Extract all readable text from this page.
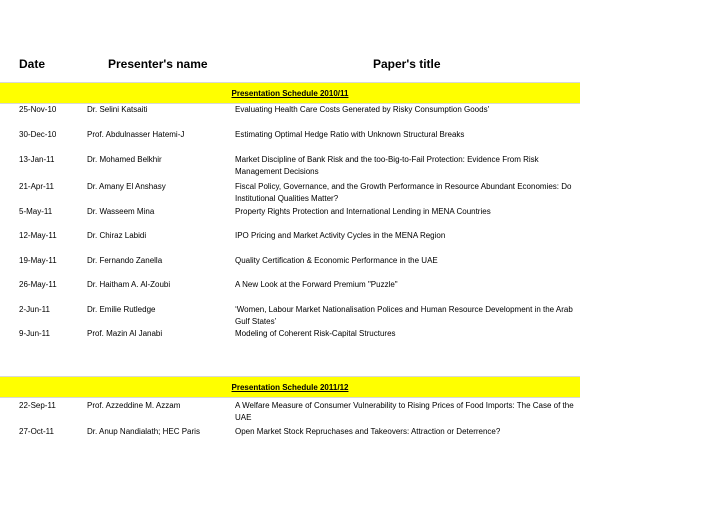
Date	Presenter's name	Paper's title
Presentation Schedule 2010/11
25-Nov-10	Dr. Selini Katsaiti	Evaluating Health Care Costs Generated by Risky Consumption Goods'
30-Dec-10	Prof. Abdulnasser Hatemi-J	Estimating Optimal Hedge Ratio with Unknown Structural Breaks
13-Jan-11	Dr. Mohamed Belkhir	Market Discipline of Bank Risk and the too-Big-to-Fail Protection: Evidence From Risk Management Decisions
21-Apr-11	Dr. Amany El Anshasy	Fiscal Policy, Governance, and the Growth Performance in Resource Abundant Economies: Do Institutional Qualities Matter?
5-May-11	Dr. Wasseem Mina	Property Rights Protection and International Lending in MENA Countries
12-May-11	Dr. Chiraz Labidi	IPO Pricing and Market Activity Cycles in the MENA Region
19-May-11	Dr. Fernando Zanella	Quality Certification & Economic Performance in the UAE
26-May-11	Dr. Haitham A. Al-Zoubi	A New Look at the Forward Premium "Puzzle"
2-Jun-11	Dr. Emilie Rutledge	‘Women, Labour Market Nationalisation Polices and Human Resource Development in the Arab Gulf States’
9-Jun-11	Prof. Mazin Al Janabi	Modeling of Coherent Risk-Capital Structures
Presentation Schedule 2011/12
22-Sep-11	Prof. Azzeddine M. Azzam	A Welfare Measure of Consumer Vulnerability to Rising Prices of Food Imports: The Case of the UAE
27-Oct-11	Dr. Anup Nandialath; HEC Paris	Open Market Stock Repruchases and Takeovers: Attraction or Deterrence?
